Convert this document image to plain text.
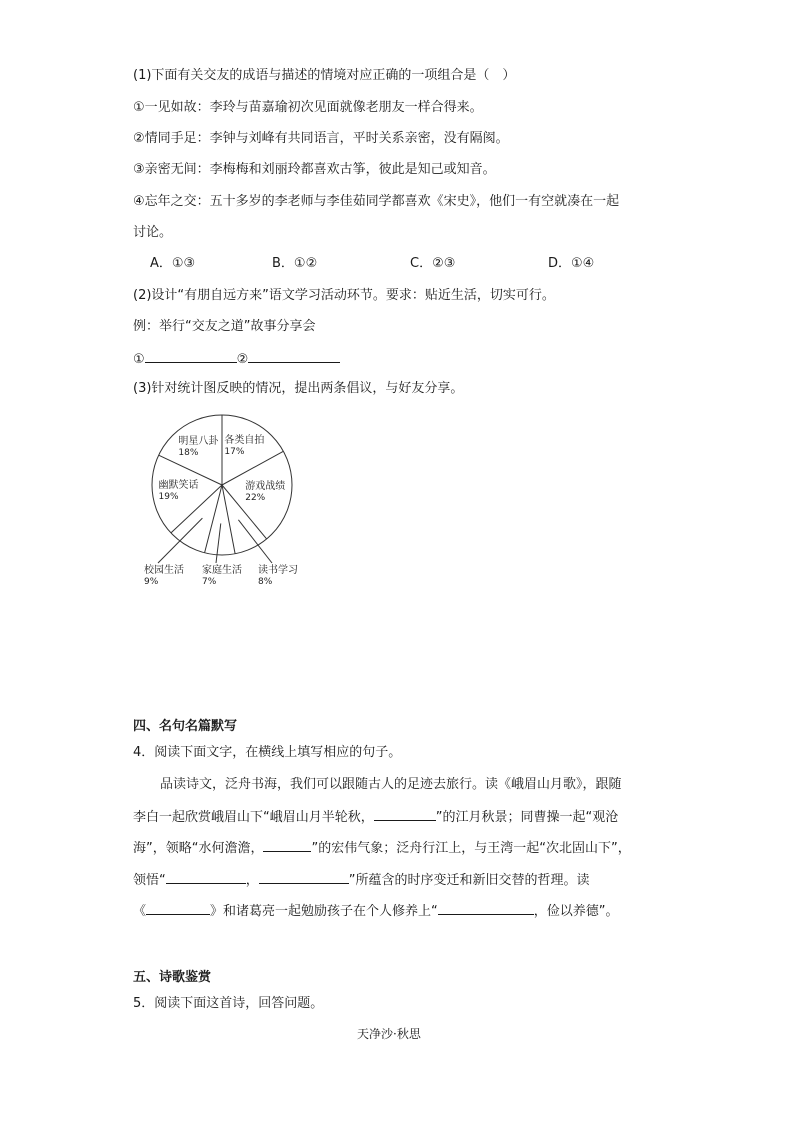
(1)下面有关交友的成语与描述的情境对应正确的一项组合是（　）
①一见如故：李玲与苗嘉瑜初次见面就像老朋友一样合得来。
②情同手足：李钟与刘峰有共同语言，平时关系亲密，没有隔阂。
③亲密无间：李梅梅和刘丽玲都喜欢古筝，彼此是知己或知音。
④忘年之交：五十多岁的李老师与李佳茹同学都喜欢《宋史》，他们一有空就凑在一起
讨论。
A．①③	B．①②	C．②③	D．①④
(2)设计“有朋自远方来”语文学习活动环节。要求：贴近生活，切实可行。
例：举行“交友之道”故事分享会
①	②
(3)针对统计图反映的情况，提出两条倡议，与好友分享。
各类自拍
17%
游戏战绩
22%
读书学习
8%
家庭生活
7%
校园生活
9%
幽默笑话
19%
明星八卦
18%
四、名句名篇默写
4．阅读下面文字，在横线上填写相应的句子。
品读诗文，泛舟书海，我们可以跟随古人的足迹去旅行。读《峨眉山月歌》，跟随
李白一起欣赏峨眉山下“峨眉山月半轮秋，	”的江月秋景；同曹操一起“观沧
海”，领略“水何澹澹，	”的宏伟气象；泛舟行江上，与王湾一起“次北固山下”，
领悟“	，	”所蕴含的时序变迁和新旧交替的哲理。读
《	》和诸葛亮一起勉励孩子在个人修养上“	，俭以养德”。
五、诗歌鉴赏
5．阅读下面这首诗，回答问题。
天净沙·秋思
